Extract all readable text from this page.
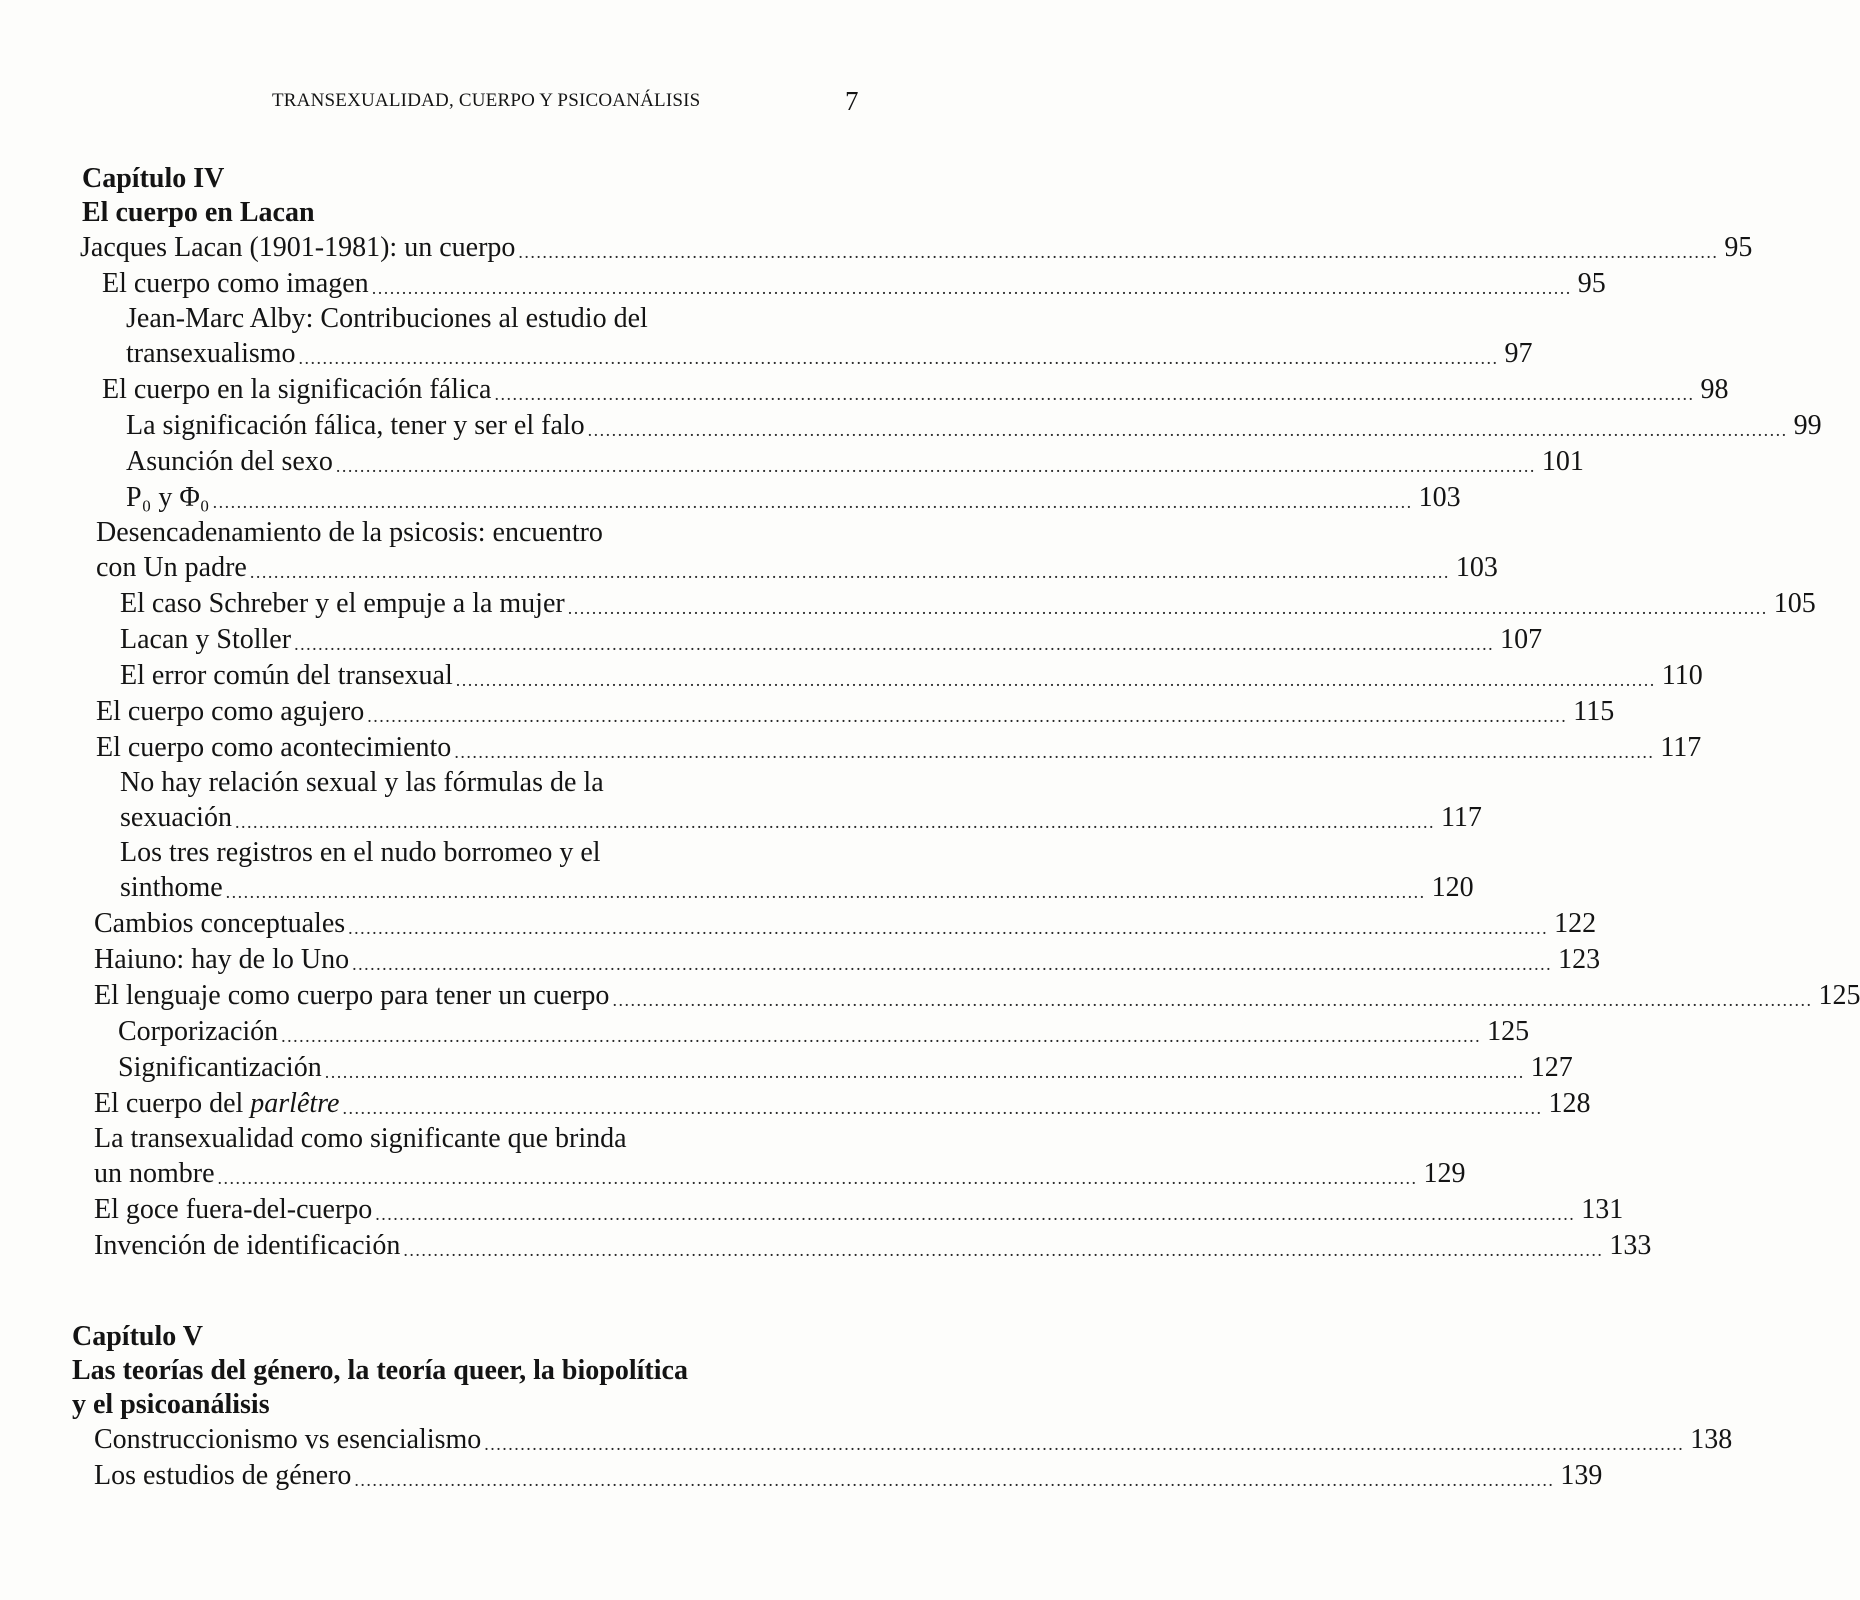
TRANSEXUALIDAD, CUERPO Y PSICOANÁLISIS	7
Capítulo IV
El cuerpo en Lacan
Jacques Lacan (1901-1981): un cuerpo ........................................................................................................................................................................................................ 95
El cuerpo como imagen ........................................................................................................................................................................................................ 95
Jean-Marc Alby: Contribuciones al estudio del
transexualismo ........................................................................................................................................................................................................ 97
El cuerpo en la significación fálica ........................................................................................................................................................................................................ 98
La significación fálica, tener y ser el falo ........................................................................................................................................................................................................ 99
Asunción del sexo ........................................................................................................................................................................................................ 101
P₀ y Φ₀ ........................................................................................................................................................................................................ 103
Desencadenamiento de la psicosis: encuentro
con Un padre ........................................................................................................................................................................................................ 103
El caso Schreber y el empuje a la mujer ........................................................................................................................................................................................................ 105
Lacan y Stoller ........................................................................................................................................................................................................ 107
El error común del transexual ........................................................................................................................................................................................................ 110
El cuerpo como agujero ........................................................................................................................................................................................................ 115
El cuerpo como acontecimiento ........................................................................................................................................................................................................ 117
No hay relación sexual y las fórmulas de la
sexuación ........................................................................................................................................................................................................ 117
Los tres registros en el nudo borromeo y el
sinthome ........................................................................................................................................................................................................ 120
Cambios conceptuales ........................................................................................................................................................................................................ 122
Haiuno: hay de lo Uno ........................................................................................................................................................................................................ 123
El lenguaje como cuerpo para tener un cuerpo ........................................................................................................................................................................................................ 125
Corporización ........................................................................................................................................................................................................ 125
Significantización ........................................................................................................................................................................................................ 127
El cuerpo del parlêtre ........................................................................................................................................................................................................ 128
La transexualidad como significante que brinda
un nombre ........................................................................................................................................................................................................ 129
El goce fuera-del-cuerpo ........................................................................................................................................................................................................ 131
Invención de identificación ........................................................................................................................................................................................................ 133
Capítulo V
Las teorías del género, la teoría queer, la biopolítica
y el psicoanálisis
Construccionismo vs esencialismo ........................................................................................................................................................................................................ 138
Los estudios de género ........................................................................................................................................................................................................ 139
